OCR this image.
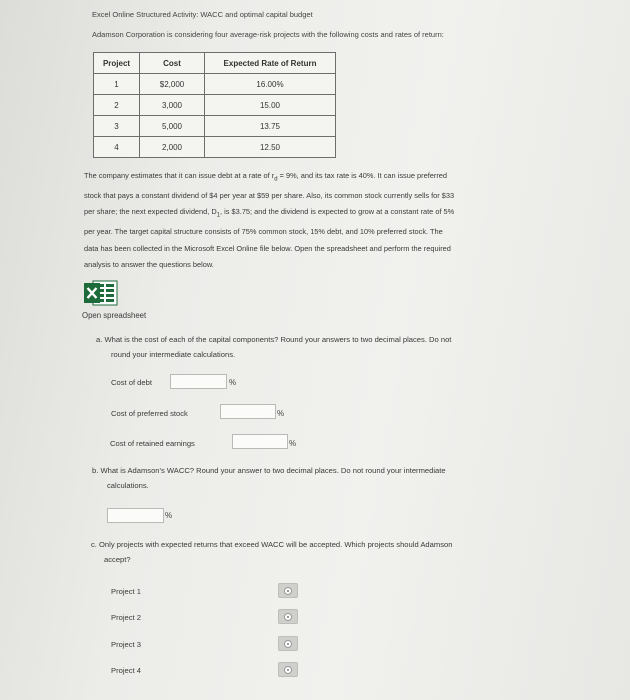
Excel Online Structured Activity: WACC and optimal capital budget
Adamson Corporation is considering four average-risk projects with the following costs and rates of return:
Project	Cost	Expected Rate of Return
1	$2,000	16.00%
2	3,000	15.00
3	5,000	13.75
4	2,000	12.50
The company estimates that it can issue debt at a rate of $r_d = 9\%$, and its tax rate is 40%. It can issue preferred
stock that pays a constant dividend of $4 per year at $59 per share. Also, its common stock currently sells for $33
per share; the next expected dividend, $D_1$, is $3.75; and the dividend is expected to grow at a constant rate of 5%
per year. The target capital structure consists of 75% common stock, 15% debt, and 10% preferred stock. The
data has been collected in the Microsoft Excel Online file below. Open the spreadsheet and perform the required
analysis to answer the questions below.
Open spreadsheet
a. What is the cost of each of the capital components? Round your answers to two decimal places. Do not
round your intermediate calculations.
Cost of debt	%
Cost of preferred stock	%
Cost of retained earnings	%
b. What is Adamson's WACC? Round your answer to two decimal places. Do not round your intermediate
calculations.
%
c. Only projects with expected returns that exceed WACC will be accepted. Which projects should Adamson
accept?
Project 1
Project 2
Project 3
Project 4
